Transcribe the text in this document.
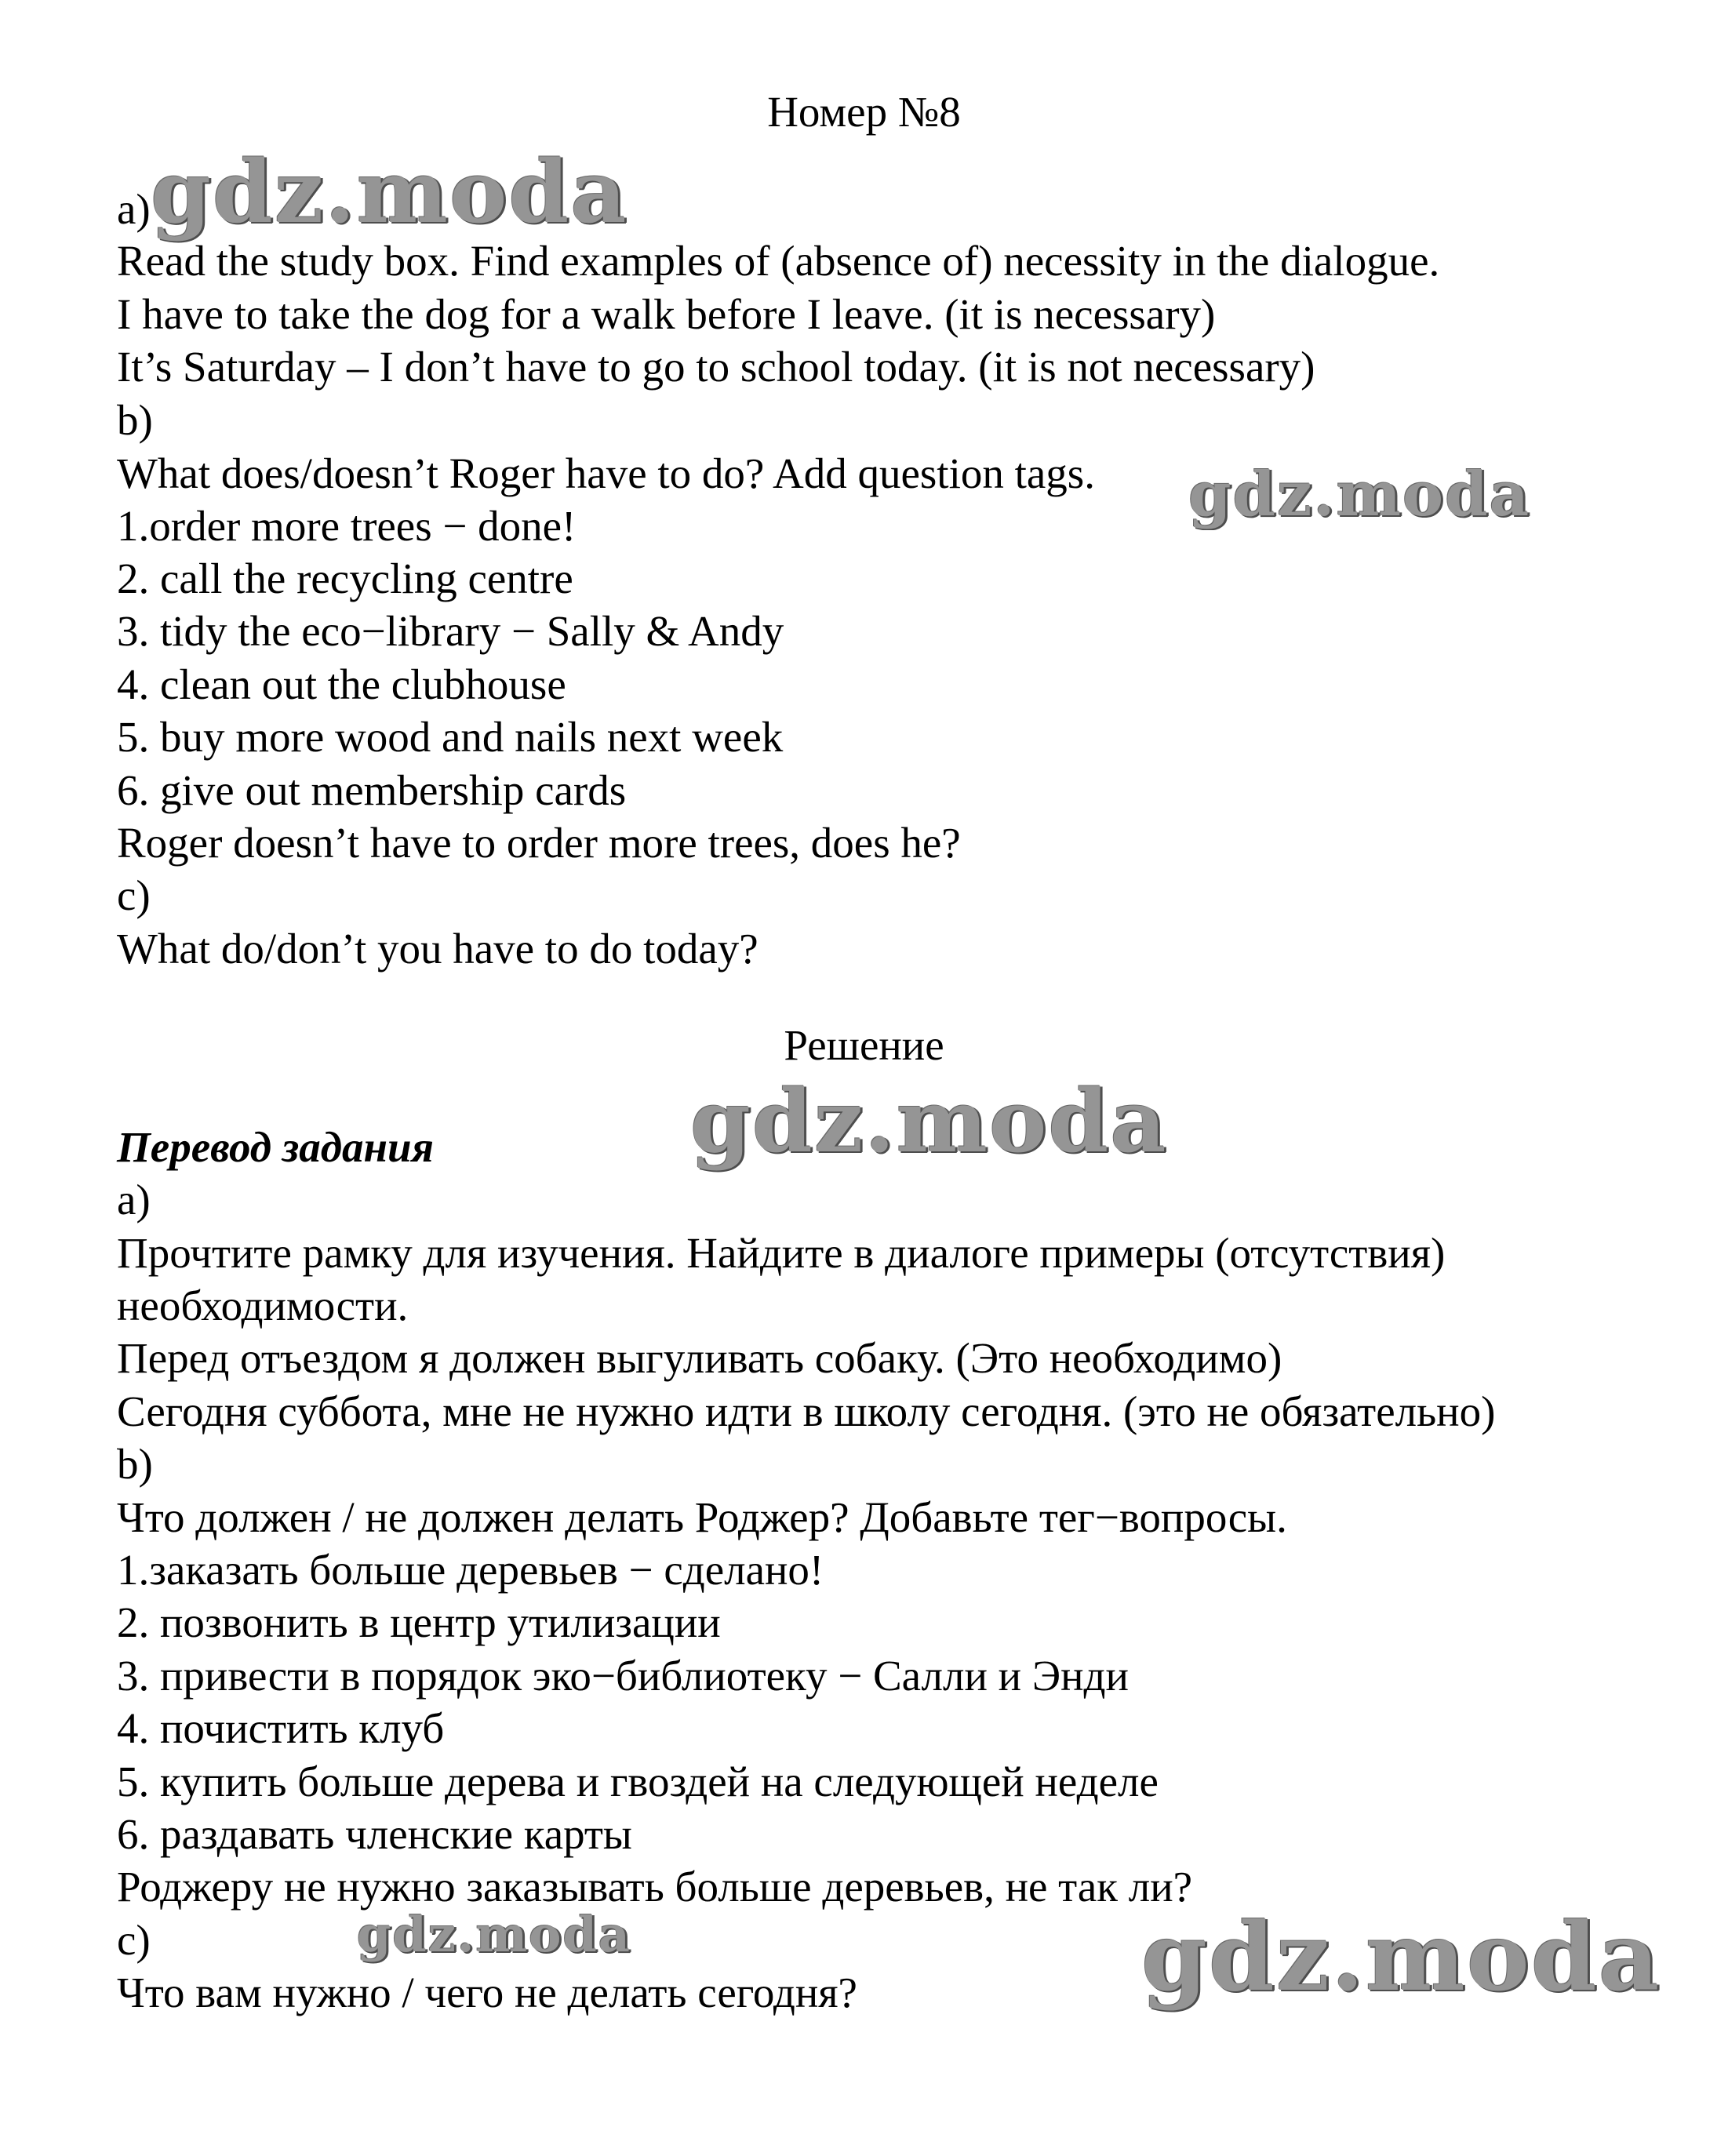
Номер №8
gdz.moda
gdz.moda
gdz.moda
gdz.moda	gdz.moda
a)
Read the study box. Find examples of (absence of) necessity in the dialogue.
I have to take the dog for a walk before I leave. (it is necessary)
It’s Saturday – I don’t have to go to school today. (it is not necessary)
b)
What does/doesn’t Roger have to do? Add question tags.
1.order more trees − done!
2. call the recycling centre
3. tidy the eco−library − Sally & Andy
4. clean out the clubhouse
5. buy more wood and nails next week
6. give out membership cards
Roger doesn’t have to order more trees, does he?
c)
What do/don’t you have to do today?
Решение
Перевод задания
a)
Прочтите рамку для изучения. Найдите в диалоге примеры (отсутствия)
необходимости.
Перед отъездом я должен выгуливать собаку. (Это необходимо)
Сегодня суббота, мне не нужно идти в школу сегодня. (это не обязательно)
b)
Что должен / не должен делать Роджер? Добавьте тег−вопросы.
1.заказать больше деревьев − сделано!
2. позвонить в центр утилизации
3. привести в порядок эко−библиотеку − Салли и Энди
4. почистить клуб
5. купить больше дерева и гвоздей на следующей неделе
6. раздавать членские карты
Роджеру не нужно заказывать больше деревьев, не так ли?
c)
Что вам нужно / чего не делать сегодня?
